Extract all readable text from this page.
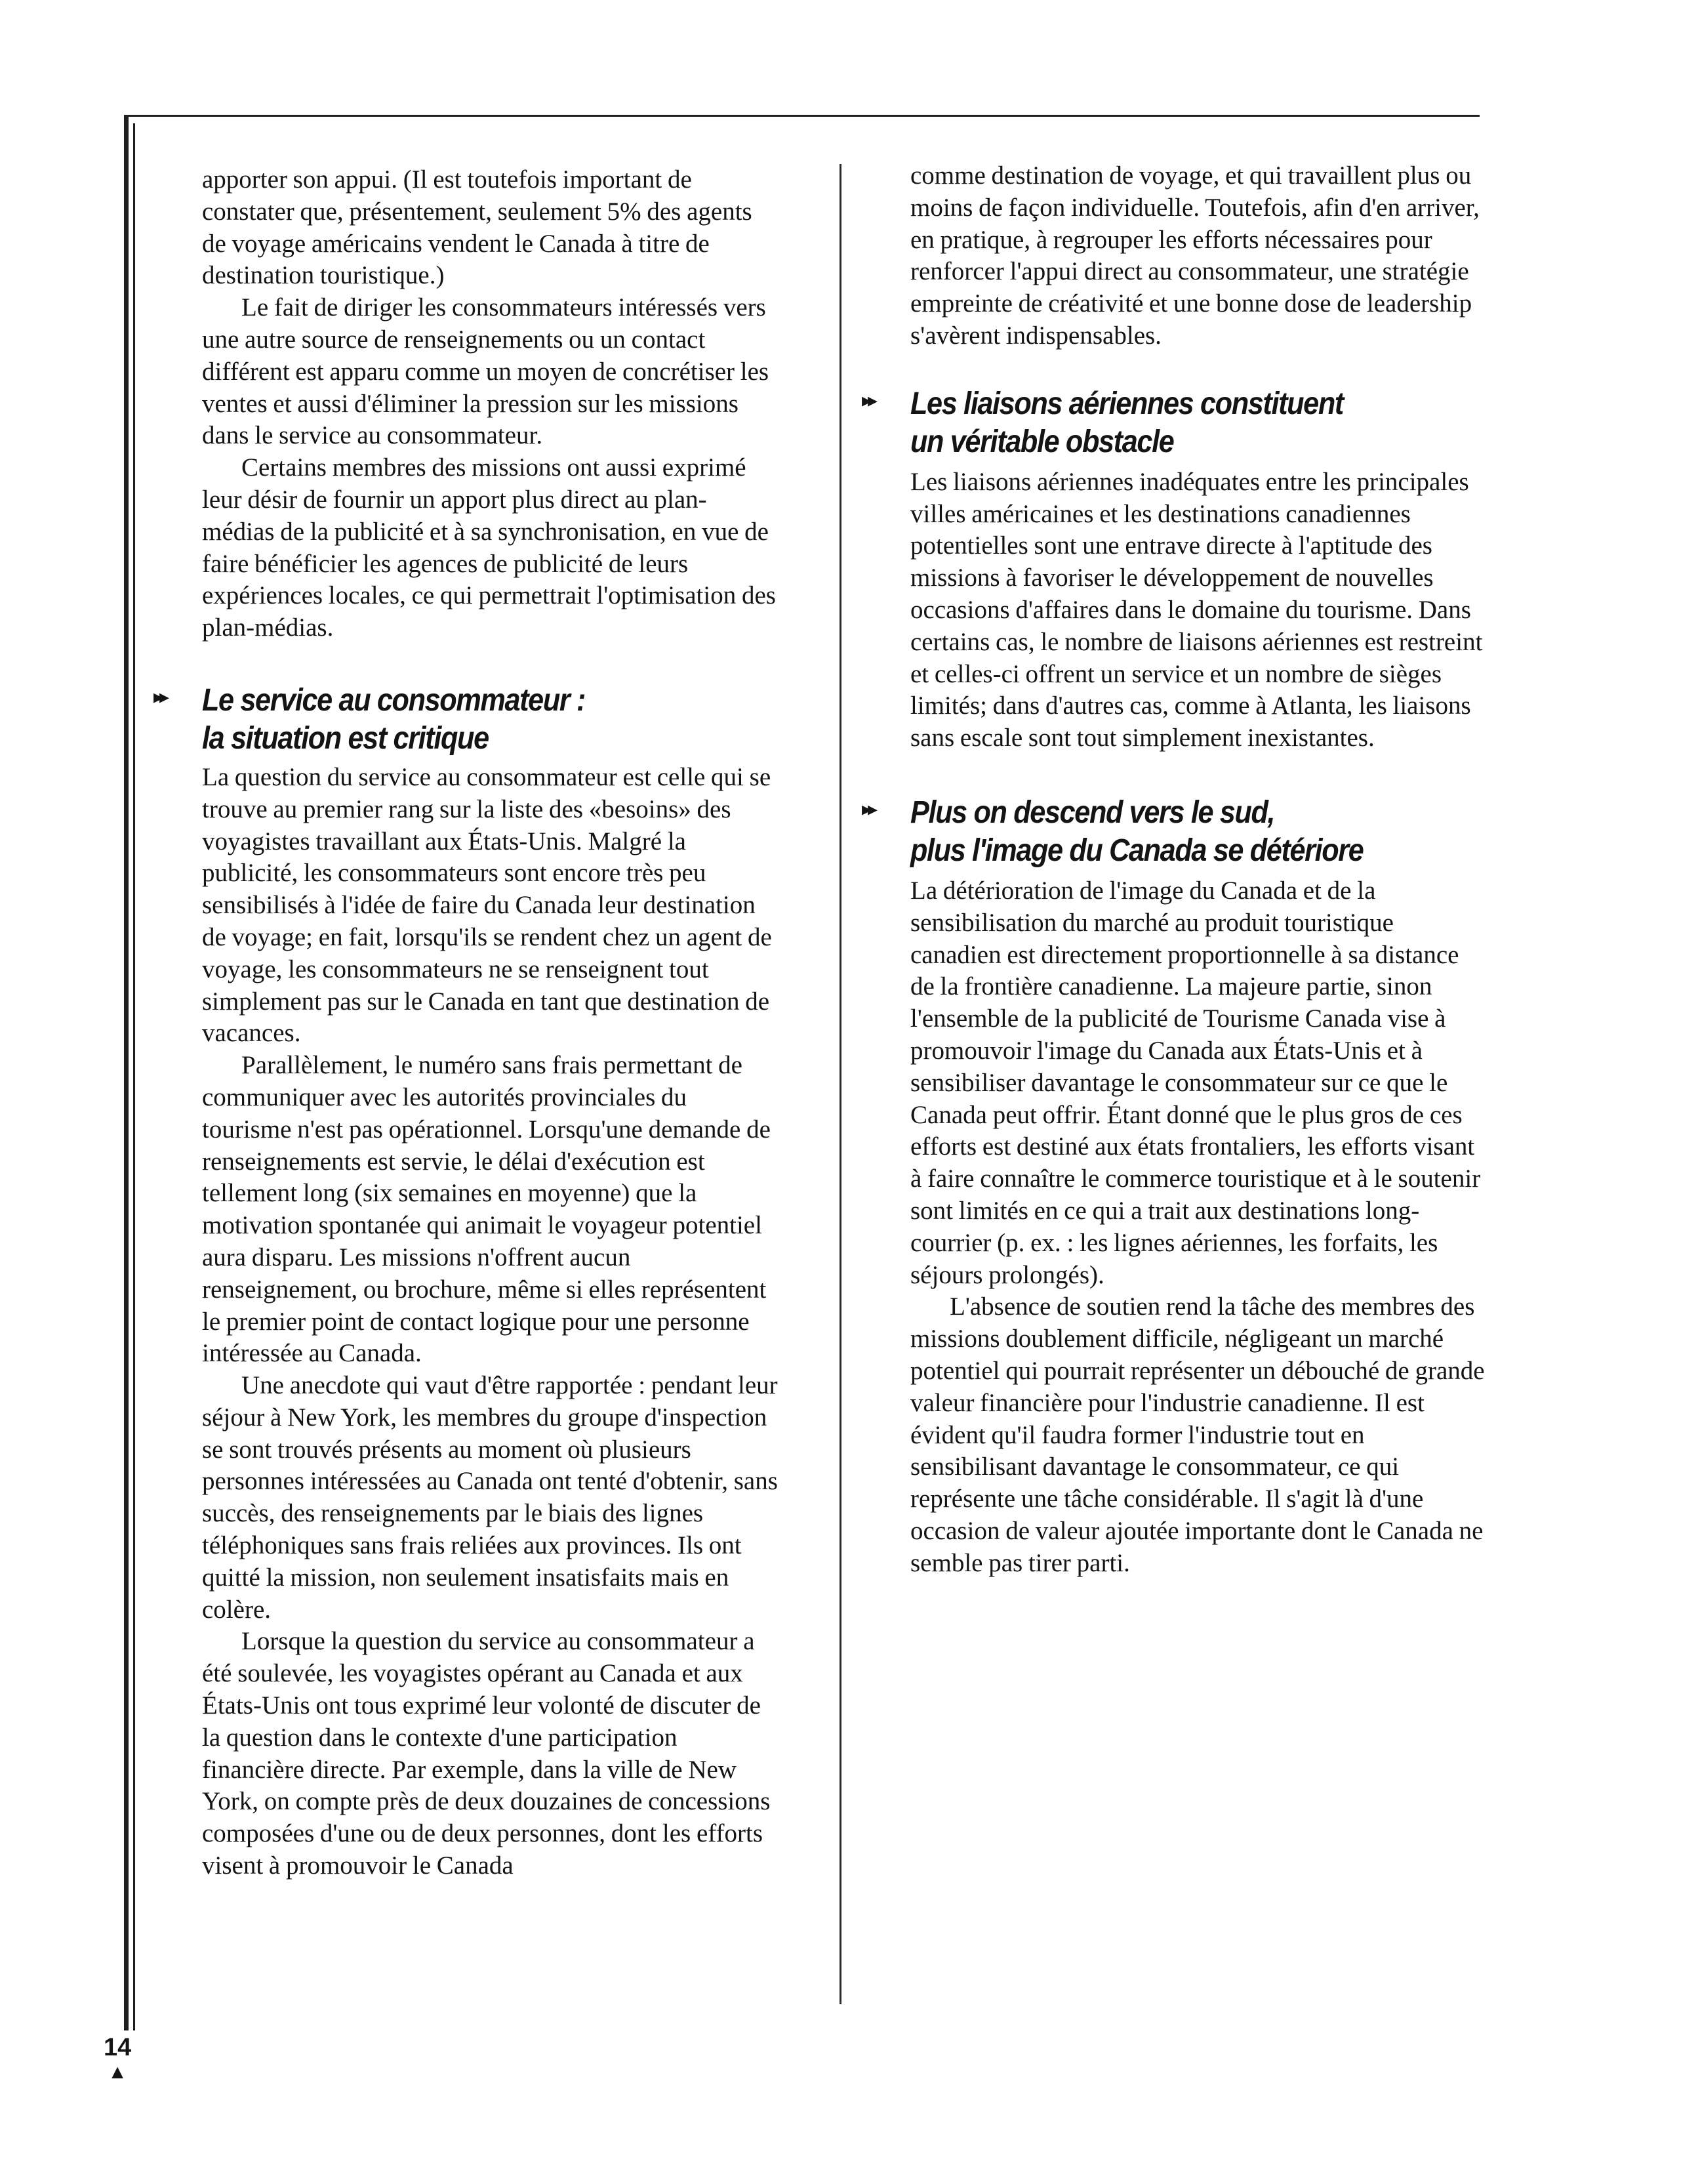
apporter son appui. (Il est toutefois important de constater que, présentement, seulement 5% des agents de voyage américains vendent le Canada à titre de destination touristique.)

Le fait de diriger les consommateurs intéressés vers une autre source de renseignements ou un contact différent est apparu comme un moyen de concrétiser les ventes et aussi d'éliminer la pression sur les missions dans le service au consommateur.

Certains membres des missions ont aussi exprimé leur désir de fournir un apport plus direct au plan-médias de la publicité et à sa synchronisation, en vue de faire bénéficier les agences de publicité de leurs expériences locales, ce qui permettrait l'optimisation des plan-médias.

▸▸ Le service au consommateur :
la situation est critique

La question du service au consommateur est celle qui se trouve au premier rang sur la liste des «besoins» des voyagistes travaillant aux États-Unis. Malgré la publicité, les consommateurs sont encore très peu sensibilisés à l'idée de faire du Canada leur destination de voyage; en fait, lorsqu'ils se rendent chez un agent de voyage, les consommateurs ne se renseignent tout simplement pas sur le Canada en tant que destination de vacances.

Parallèlement, le numéro sans frais permettant de communiquer avec les autorités provinciales du tourisme n'est pas opérationnel. Lorsqu'une demande de renseignements est servie, le délai d'exécution est tellement long (six semaines en moyenne) que la motivation spontanée qui animait le voyageur potentiel aura disparu. Les missions n'offrent aucun renseignement, ou brochure, même si elles représentent le premier point de contact logique pour une personne intéressée au Canada.

Une anecdote qui vaut d'être rapportée : pendant leur séjour à New York, les membres du groupe d'inspection se sont trouvés présents au moment où plusieurs personnes intéressées au Canada ont tenté d'obtenir, sans succès, des renseignements par le biais des lignes téléphoniques sans frais reliées aux provinces. Ils ont quitté la mission, non seulement insatisfaits mais en colère.

Lorsque la question du service au consommateur a été soulevée, les voyagistes opérant au Canada et aux États-Unis ont tous exprimé leur volonté de discuter de la question dans le contexte d'une participation financière directe. Par exemple, dans la ville de New York, on compte près de deux douzaines de concessions composées d'une ou de deux personnes, dont les efforts visent à promouvoir le Canada

comme destination de voyage, et qui travaillent plus ou moins de façon individuelle. Toutefois, afin d'en arriver, en pratique, à regrouper les efforts nécessaires pour renforcer l'appui direct au consommateur, une stratégie empreinte de créativité et une bonne dose de leadership s'avèrent indispensables.

▸▸ Les liaisons aériennes constituent
un véritable obstacle

Les liaisons aériennes inadéquates entre les principales villes américaines et les destinations canadiennes potentielles sont une entrave directe à l'aptitude des missions à favoriser le développement de nouvelles occasions d'affaires dans le domaine du tourisme. Dans certains cas, le nombre de liaisons aériennes est restreint et celles-ci offrent un service et un nombre de sièges limités; dans d'autres cas, comme à Atlanta, les liaisons sans escale sont tout simplement inexistantes.

▸▸ Plus on descend vers le sud,
plus l'image du Canada se détériore

La détérioration de l'image du Canada et de la sensibilisation du marché au produit touristique canadien est directement proportionnelle à sa distance de la frontière canadienne. La majeure partie, sinon l'ensemble de la publicité de Tourisme Canada vise à promouvoir l'image du Canada aux États-Unis et à sensibiliser davantage le consommateur sur ce que le Canada peut offrir. Étant donné que le plus gros de ces efforts est destiné aux états frontaliers, les efforts visant à faire connaître le commerce touristique et à le soutenir sont limités en ce qui a trait aux destinations long-courrier (p. ex. : les lignes aériennes, les forfaits, les séjours prolongés).

L'absence de soutien rend la tâche des membres des missions doublement difficile, négligeant un marché potentiel qui pourrait représenter un débouché de grande valeur financière pour l'industrie canadienne. Il est évident qu'il faudra former l'industrie tout en sensibilisant davantage le consommateur, ce qui représente une tâche considérable. Il s'agit là d'une occasion de valeur ajoutée importante dont le Canada ne semble pas tirer parti.

14
▲
